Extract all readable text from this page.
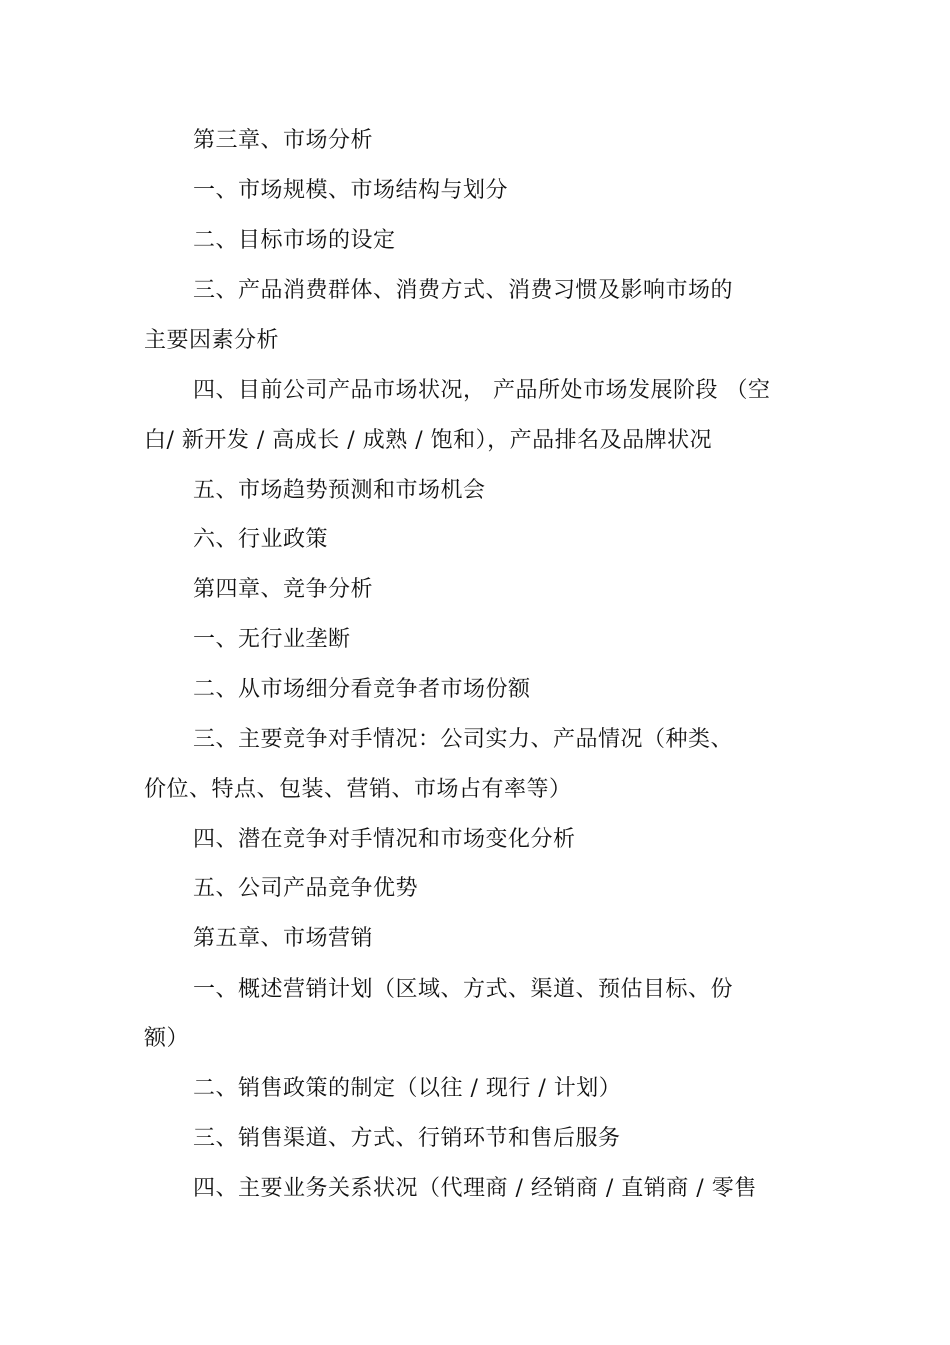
第三章、市场分析
一、市场规模、市场结构与划分
二、目标市场的设定
三、产品消费群体、消费方式、消费习惯及影响市场的
主要因素分析
四、目前公司产品市场状况， 产品所处市场发展阶段 （空
白/ 新开发 / 高成长 / 成熟 / 饱和），产品排名及品牌状况
五、市场趋势预测和市场机会
六、行业政策
第四章、竞争分析
一、无行业垄断
二、从市场细分看竞争者市场份额
三、主要竞争对手情况：公司实力、产品情况（种类、
价位、特点、包装、营销、市场占有率等）
四、潜在竞争对手情况和市场变化分析
五、公司产品竞争优势
第五章、市场营销
一、概述营销计划（区域、方式、渠道、预估目标、份
额）
二、销售政策的制定（以往 / 现行 / 计划）
三、销售渠道、方式、行销环节和售后服务
四、主要业务关系状况（代理商 / 经销商 / 直销商 / 零售
